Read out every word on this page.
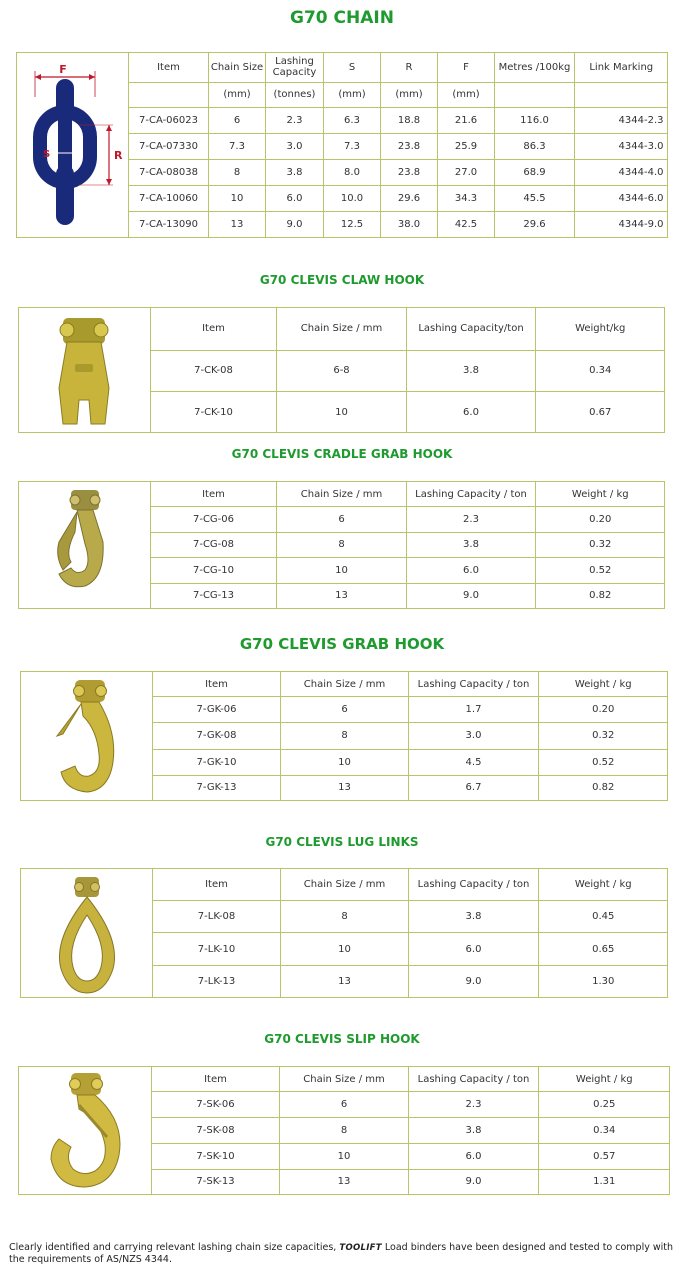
G70 CHAIN
F
S	R
Item	Chain Size	Lashing Capacity	S	R	F	Metres /100kg	Link Marking
	(mm)	(tonnes)	(mm)	(mm)	(mm)		
7-CA-06023	6	2.3	6.3	18.8	21.6	116.0	4344-2.3
7-CA-07330	7.3	3.0	7.3	23.8	25.9	86.3	4344-3.0
7-CA-08038	8	3.8	8.0	23.8	27.0	68.9	4344-4.0
7-CA-10060	10	6.0	10.0	29.6	34.3	45.5	4344-6.0
7-CA-13090	13	9.0	12.5	38.0	42.5	29.6	4344-9.0
G70 CLEVIS CLAW HOOK
Item	Chain Size / mm	Lashing Capacity/ton	Weight/kg
7-CK-08	6-8	3.8	0.34
7-CK-10	10	6.0	0.67
G70 CLEVIS CRADLE GRAB HOOK
Item	Chain Size / mm	Lashing Capacity / ton	Weight / kg
7-CG-06	6	2.3	0.20
7-CG-08	8	3.8	0.32
7-CG-10	10	6.0	0.52
7-CG-13	13	9.0	0.82
G70 CLEVIS GRAB HOOK
Item	Chain Size / mm	Lashing Capacity / ton	Weight / kg
7-GK-06	6	1.7	0.20
7-GK-08	8	3.0	0.32
7-GK-10	10	4.5	0.52
7-GK-13	13	6.7	0.82
G70 CLEVIS LUG LINKS
Item	Chain Size / mm	Lashing Capacity / ton	Weight / kg
7-LK-08	8	3.8	0.45
7-LK-10	10	6.0	0.65
7-LK-13	13	9.0	1.30
G70 CLEVIS SLIP HOOK
Item	Chain Size / mm	Lashing Capacity / ton	Weight / kg
7-SK-06	6	2.3	0.25
7-SK-08	8	3.8	0.34
7-SK-10	10	6.0	0.57
7-SK-13	13	9.0	1.31
Clearly identified and carrying relevant lashing chain size capacities, TOOLIFT Load binders have been designed and tested to comply with the requirements of AS/NZS 4344.
